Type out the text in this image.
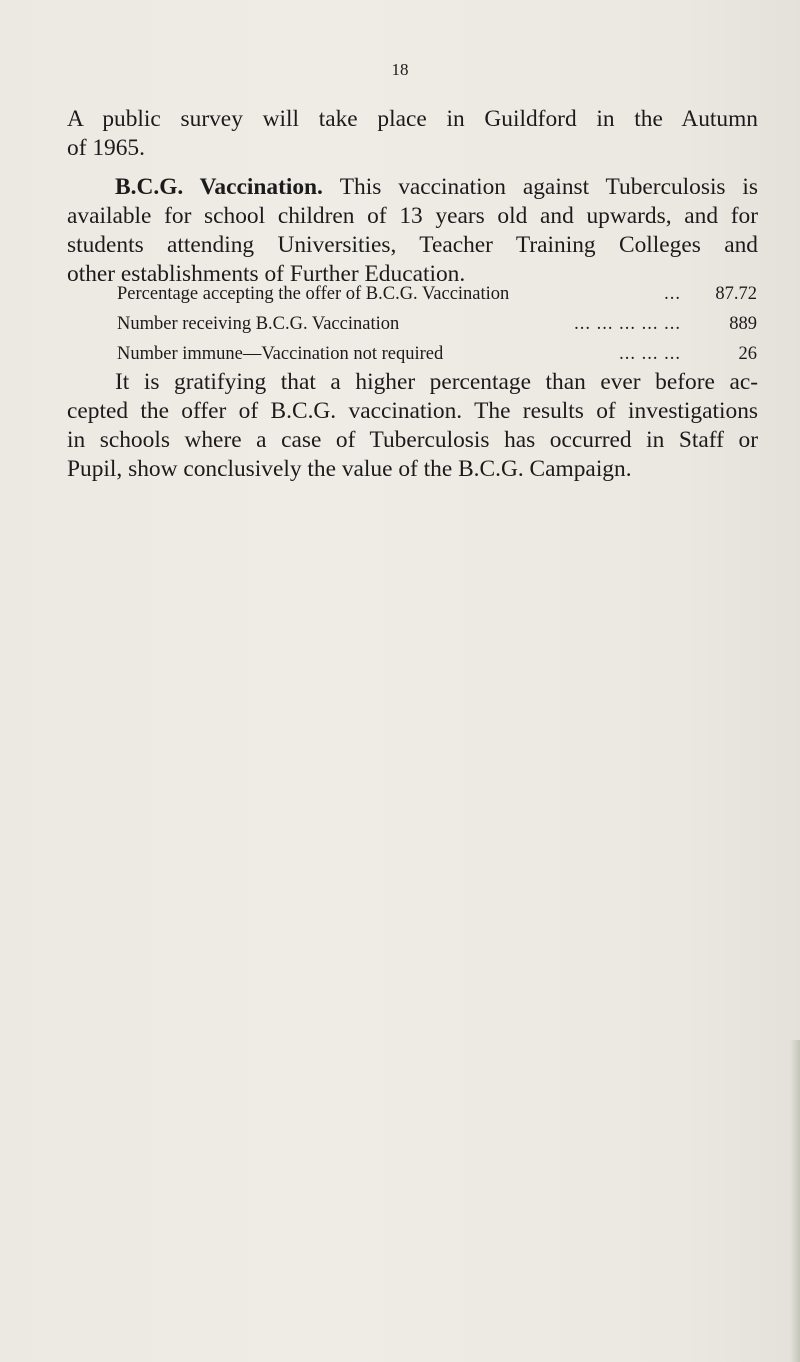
18
A public survey will take place in Guildford in the Autumn
of 1965.
B.C.G. Vaccination. This vaccination against Tuberculosis is
available for school children of 13 years old and upwards, and for
students attending Universities, Teacher Training Colleges and
other establishments of Further Education.
Percentage accepting the offer of B.C.G. Vaccination	...	87.72
Number receiving B.C.G. Vaccination	... ... ... ... ...	889
Number immune—Vaccination not required	... ... ...	26
It is gratifying that a higher percentage than ever before ac-
cepted the offer of B.C.G. vaccination. The results of investigations
in schools where a case of Tuberculosis has occurred in Staff or
Pupil, show conclusively the value of the B.C.G. Campaign.
